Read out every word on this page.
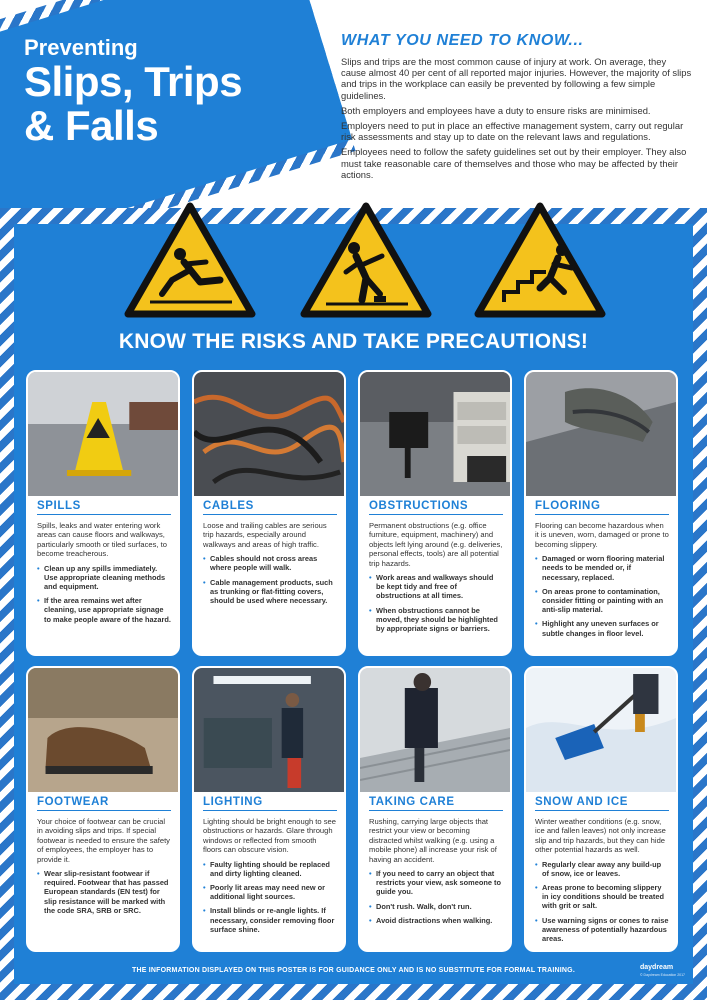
Preventing
Slips, Trips
& Falls
WHAT YOU NEED TO KNOW...

Slips and trips are the most common cause of injury at work. On average, they cause almost 40 per cent of all reported major injuries. However, the majority of slips and trips in the workplace can easily be prevented by following a few simple guidelines.

Both employers and employees have a duty to ensure risks are minimised.

Employers need to put in place an effective management system, carry out regular risk assessments and stay up to date on the relevant laws and regulations.

Employees need to follow the safety guidelines set out by their employer. They also must take reasonable care of themselves and those who may be affected by their actions.

KNOW THE RISKS AND TAKE PRECAUTIONS!
SPILLS

Spills, leaks and water entering work areas can cause floors and walkways, particularly smooth or tiled surfaces, to become treacherous.

• Clean up any spills immediately. Use appropriate cleaning methods and equipment.
• If the area remains wet after cleaning, use appropriate signage to make people aware of the hazard.
CABLES

Loose and trailing cables are serious trip hazards, especially around walkways and areas of high traffic.

• Cables should not cross areas where people will walk.
• Cable management products, such as trunking or flat-fitting covers, should be used where necessary.
OBSTRUCTIONS

Permanent obstructions (e.g. office furniture, equipment, machinery) and objects left lying around (e.g. deliveries, personal effects, tools) are all potential trip hazards.

• Work areas and walkways should be kept tidy and free of obstructions at all times.
• When obstructions cannot be moved, they should be highlighted by appropriate signs or barriers.
FLOORING

Flooring can become hazardous when it is uneven, worn, damaged or prone to becoming slippery.

• Damaged or worn flooring material needs to be mended or, if necessary, replaced.
• On areas prone to contamination, consider fitting or painting with an anti-slip material.
• Highlight any uneven surfaces or subtle changes in floor level.
FOOTWEAR

Your choice of footwear can be crucial in avoiding slips and trips. If special footwear is needed to ensure the safety of employees, the employer has to provide it.

• Wear slip-resistant footwear if required. Footwear that has passed European standards (EN test) for slip resistance will be marked with the code SRA, SRB or SRC.
LIGHTING

Lighting should be bright enough to see obstructions or hazards. Glare through windows or reflected from smooth floors can obscure vision.

• Faulty lighting should be replaced and dirty lighting cleaned.
• Poorly lit areas may need new or additional light sources.
• Install blinds or re-angle lights. If necessary, consider removing floor surface shine.
TAKING CARE

Rushing, carrying large objects that restrict your view or becoming distracted whilst walking (e.g. using a mobile phone) all increase your risk of having an accident.

• If you need to carry an object that restricts your view, ask someone to guide you.
• Don't rush. Walk, don't run.
• Avoid distractions when walking.
SNOW AND ICE

Winter weather conditions (e.g. snow, ice and fallen leaves) not only increase slip and trip hazards, but they can hide other potential hazards as well.

• Regularly clear away any build-up of snow, ice or leaves.
• Areas prone to becoming slippery in icy conditions should be treated with grit or salt.
• Use warning signs or cones to raise awareness of potentially hazardous areas.
THE INFORMATION DISPLAYED ON THIS POSTER IS FOR GUIDANCE ONLY AND IS NO SUBSTITUTE FOR FORMAL TRAINING.	daydream
© Daydream Education 2017
